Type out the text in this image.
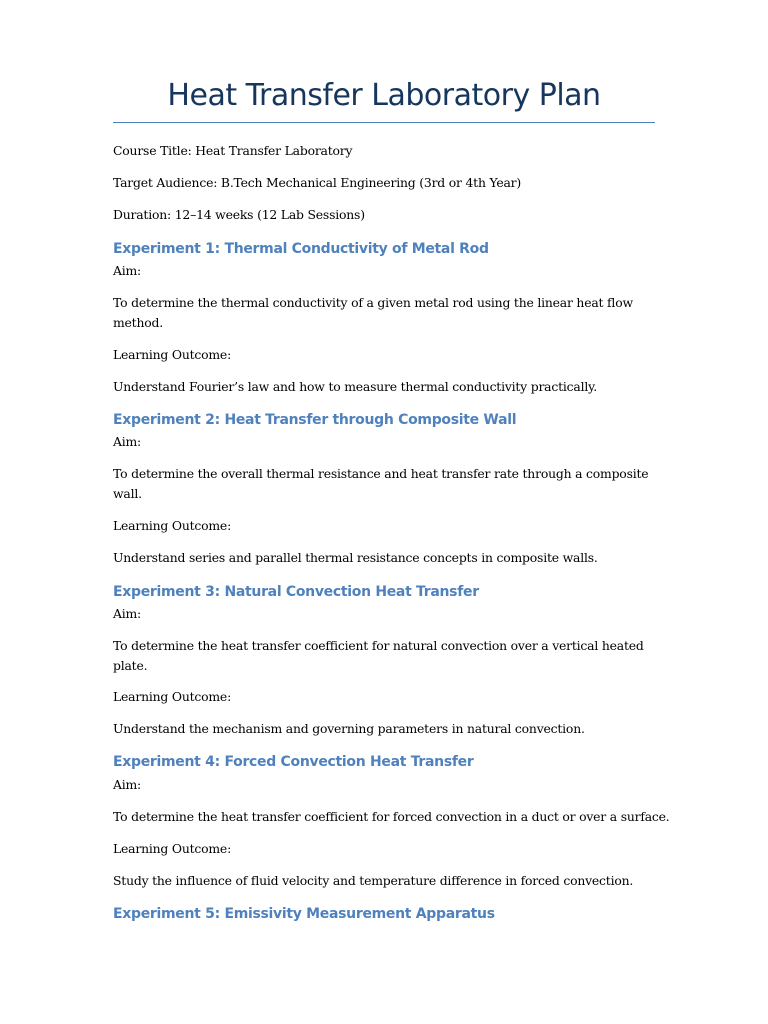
Heat Transfer Laboratory Plan
Course Title: Heat Transfer Laboratory
Target Audience: B.Tech Mechanical Engineering (3rd or 4th Year)
Duration: 12–14 weeks (12 Lab Sessions)
Experiment 1: Thermal Conductivity of Metal Rod
Aim:
To determine the thermal conductivity of a given metal rod using the linear heat flow method.
Learning Outcome:
Understand Fourier’s law and how to measure thermal conductivity practically.
Experiment 2: Heat Transfer through Composite Wall
Aim:
To determine the overall thermal resistance and heat transfer rate through a composite wall.
Learning Outcome:
Understand series and parallel thermal resistance concepts in composite walls.
Experiment 3: Natural Convection Heat Transfer
Aim:
To determine the heat transfer coefficient for natural convection over a vertical heated plate.
Learning Outcome:
Understand the mechanism and governing parameters in natural convection.
Experiment 4: Forced Convection Heat Transfer
Aim:
To determine the heat transfer coefficient for forced convection in a duct or over a surface.
Learning Outcome:
Study the influence of fluid velocity and temperature difference in forced convection.
Experiment 5: Emissivity Measurement Apparatus
